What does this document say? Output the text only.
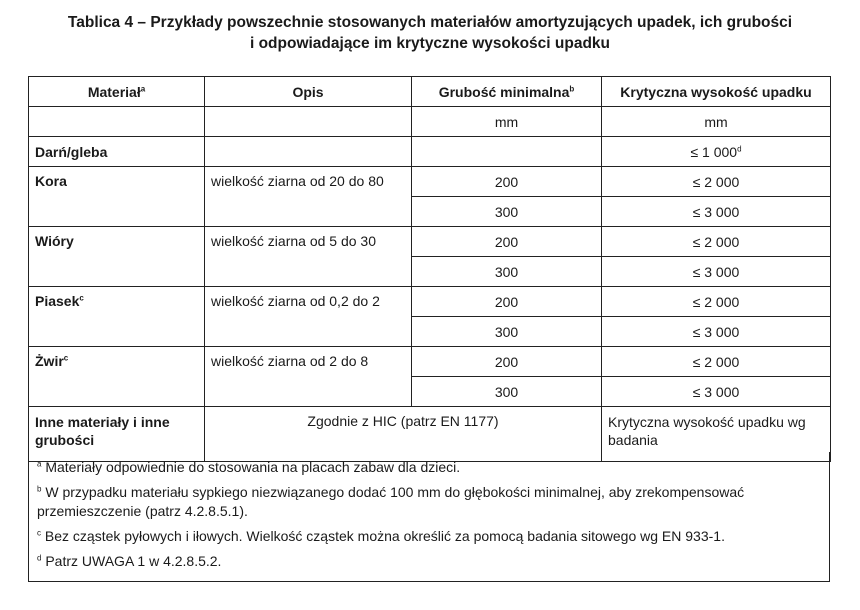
Tablica 4 – Przykłady powszechnie stosowanych materiałów amortyzujących upadek, ich grubości
i odpowiadające im krytyczne wysokości upadku
Materiał$^a$	Opis	Grubość minimalna$^b$	Krytyczna wysokość upadku
		mm	mm
Darń/gleba			≤ 1 000$^d$
Kora	wielkość ziarna od 20 do 80	200	≤ 2 000
		300	≤ 3 000
Wióry	wielkość ziarna od 5 do 30	200	≤ 2 000
		300	≤ 3 000
Piasek$^c$	wielkość ziarna od 0,2 do 2	200	≤ 2 000
		300	≤ 3 000
Żwir$^c$	wielkość ziarna od 2 do 8	200	≤ 2 000
		300	≤ 3 000
Inne materiały i inne grubości	Zgodnie z HIC (patrz EN 1177)		Krytyczna wysokość upadku wg badania
$^a$ Materiały odpowiednie do stosowania na placach zabaw dla dzieci.
$^b$ W przypadku materiału sypkiego niezwiązanego dodać 100 mm do głębokości minimalnej, aby zrekompensować przemieszczenie (patrz 4.2.8.5.1).
$^c$ Bez cząstek pyłowych i iłowych. Wielkość cząstek można określić za pomocą badania sitowego wg EN 933-1.
$^d$ Patrz UWAGA 1 w 4.2.8.5.2.
